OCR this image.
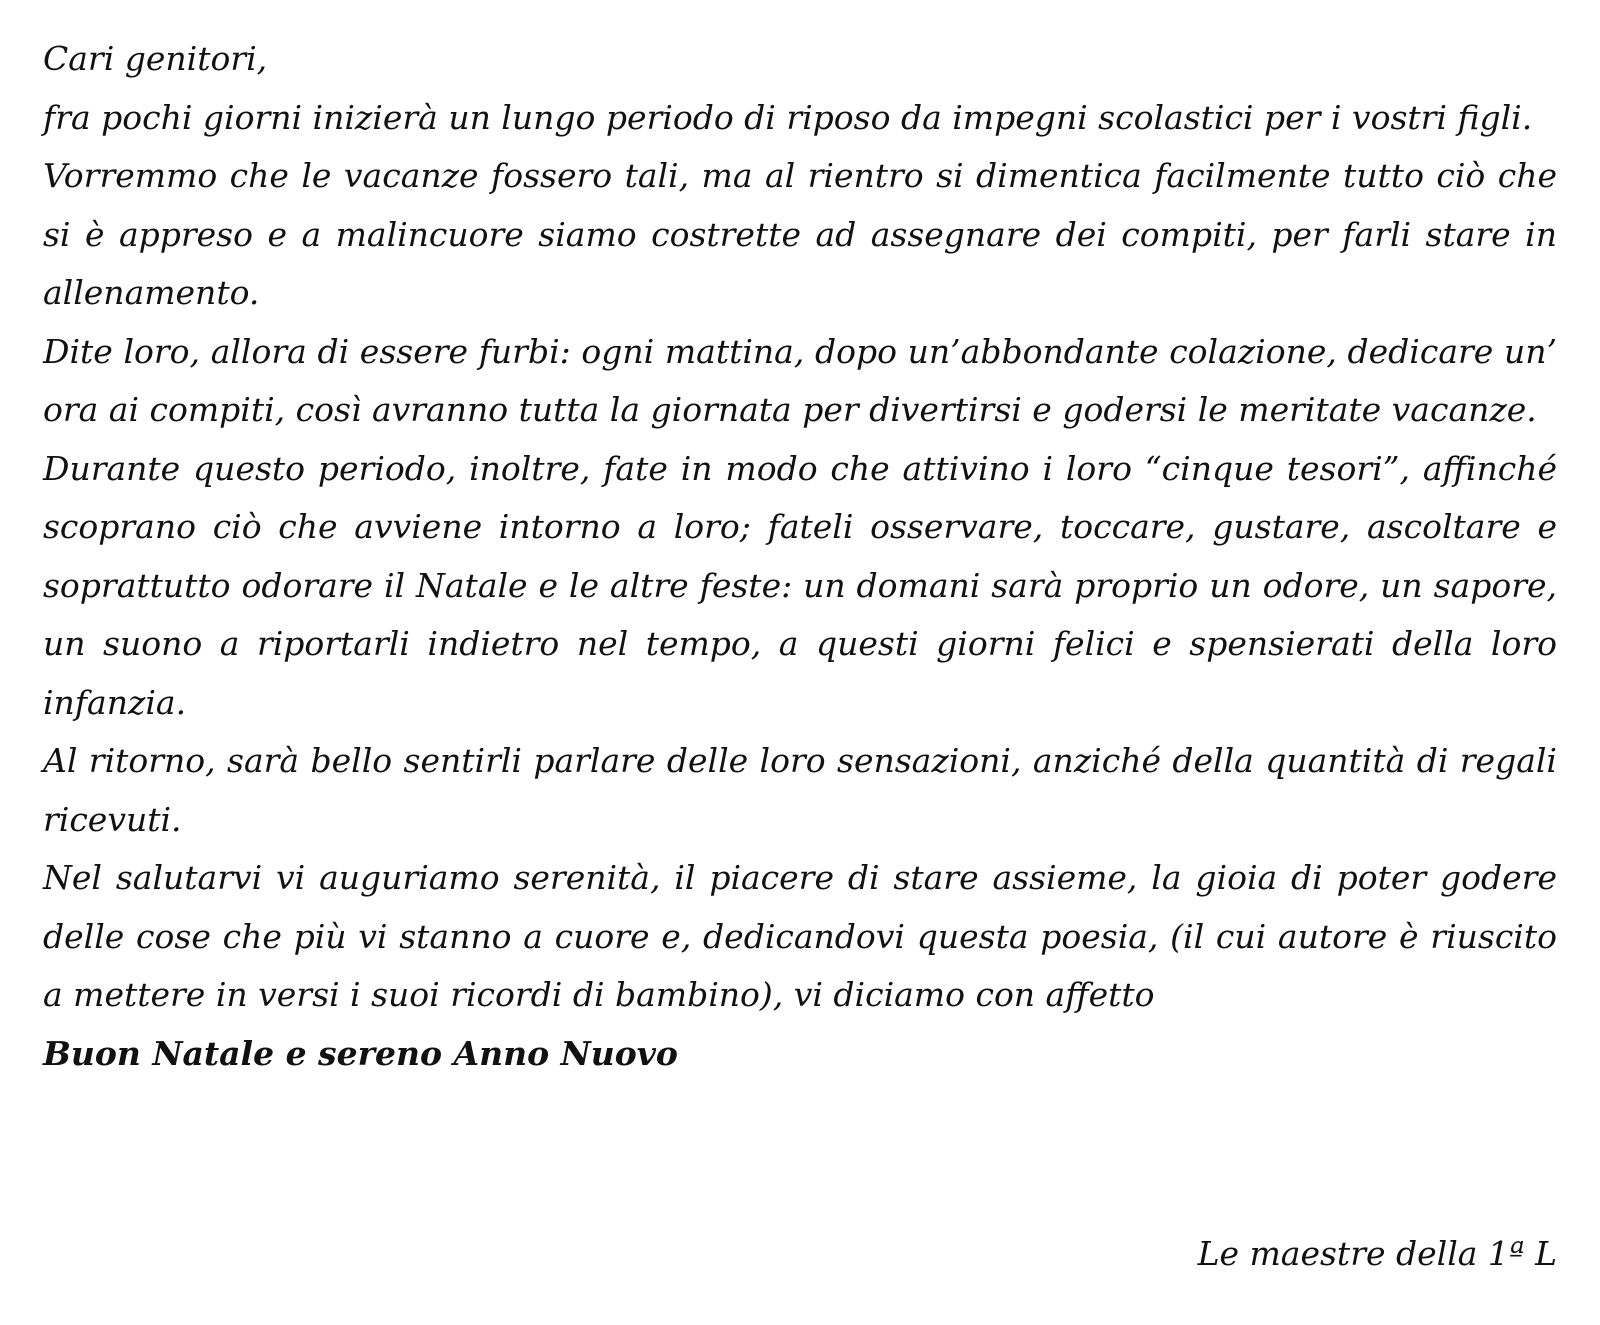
Cari genitori,

fra pochi giorni inizierà un lungo periodo di riposo da impegni scolastici per i vostri figli.

Vorremmo che le vacanze fossero tali, ma al rientro si dimentica facilmente tutto ciò che si è appreso e a malincuore siamo costrette ad assegnare dei compiti, per farli stare in allenamento.

Dite loro, allora di essere furbi: ogni mattina, dopo un’abbondante colazione, dedicare un’ ora ai compiti, così avranno tutta la giornata per divertirsi e godersi le meritate vacanze.

Durante questo periodo, inoltre, fate in modo che attivino i loro “cinque tesori”, affinché scoprano ciò che avviene intorno a loro; fateli osservare, toccare, gustare, ascoltare e soprattutto odorare il Natale e le altre feste: un domani sarà proprio un odore, un sapore, un suono a riportarli indietro nel tempo, a questi giorni felici e spensierati della loro infanzia.

Al ritorno, sarà bello sentirli parlare delle loro sensazioni, anziché della quantità di regali ricevuti.

Nel salutarvi vi auguriamo serenità, il piacere di stare assieme, la gioia di poter godere delle cose che più vi stanno a cuore e, dedicandovi questa poesia, (il cui autore è riuscito a mettere in versi i suoi ricordi di bambino), vi diciamo con affetto

Buon Natale e sereno Anno Nuovo

Le maestre della 1ª L
